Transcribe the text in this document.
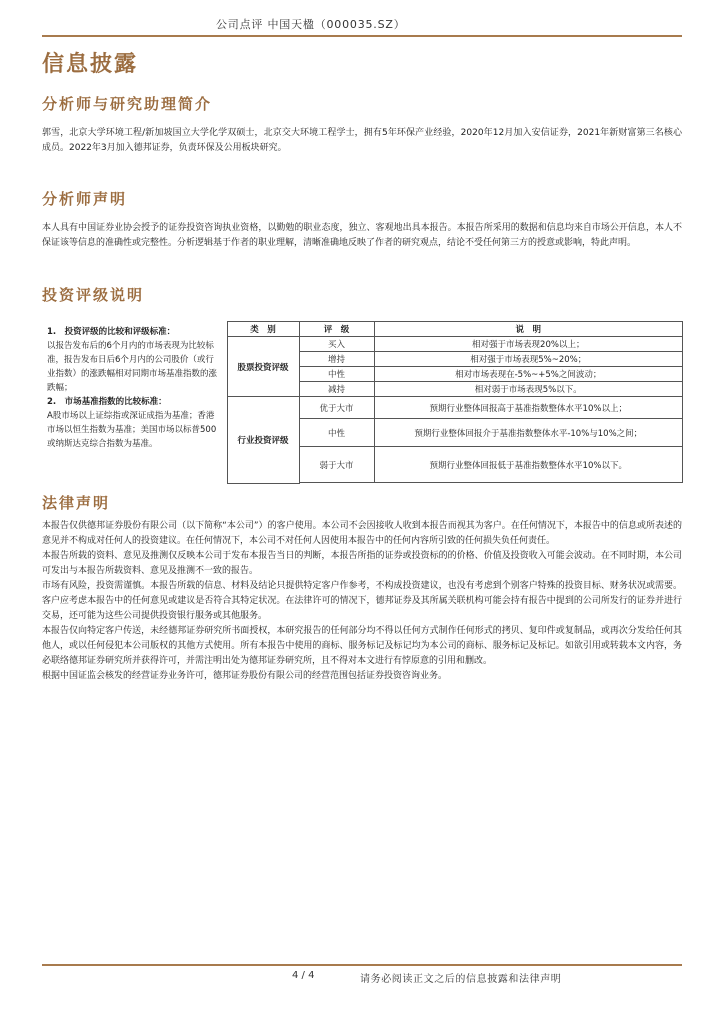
公司点评 中国天楹（000035.SZ）
信息披露
分析师与研究助理简介
郭雪，北京大学环境工程/新加坡国立大学化学双硕士，北京交大环境工程学士，拥有5年环保产业经验，2020年12月加入安信证券，2021年新财富第三名核心成员。2022年3月加入德邦证券，负责环保及公用板块研究。
分析师声明
本人具有中国证券业协会授予的证券投资咨询执业资格，以勤勉的职业态度，独立、客观地出具本报告。本报告所采用的数据和信息均来自市场公开信息，本人不保证该等信息的准确性或完整性。分析逻辑基于作者的职业理解，清晰准确地反映了作者的研究观点，结论不受任何第三方的授意或影响，特此声明。
投资评级说明
1.　投资评级的比较和评级标准：
以报告发布后的6个月内的市场表现为比较标准，报告发布日后6个月内的公司股价（或行业指数）的涨跌幅相对同期市场基准指数的涨跌幅；
2.　市场基准指数的比较标准：
A股市场以上证综指或深证成指为基准；香港市场以恒生指数为基准；美国市场以标普500或纳斯达克综合指数为基准。	类　别	评　级	说　明
	股票投资评级	买入	相对强于市场表现20%以上；
		增持	相对强于市场表现5%~20%；
		中性	相对市场表现在-5%~+5%之间波动；
		减持	相对弱于市场表现5%以下。
	行业投资评级	优于大市	预期行业整体回报高于基准指数整体水平10%以上；
		中性	预期行业整体回报介于基准指数整体水平-10%与10%之间；
		弱于大市	预期行业整体回报低于基准指数整体水平10%以下。

法律声明

本报告仅供德邦证券股份有限公司（以下简称“本公司”）的客户使用。本公司不会因接收人收到本报告而视其为客户。在任何情况下，本报告中的信息或所表述的意见并不构成对任何人的投资建议。在任何情况下，本公司不对任何人因使用本报告中的任何内容所引致的任何损失负任何责任。

本报告所载的资料、意见及推测仅反映本公司于发布本报告当日的判断，本报告所指的证券或投资标的的价格、价值及投资收入可能会波动。在不同时期，本公司可发出与本报告所载资料、意见及推测不一致的报告。

市场有风险，投资需谨慎。本报告所载的信息、材料及结论只提供特定客户作参考，不构成投资建议，也没有考虑到个别客户特殊的投资目标、财务状况或需要。客户应考虑本报告中的任何意见或建议是否符合其特定状况。在法律许可的情况下，德邦证券及其所属关联机构可能会持有报告中提到的公司所发行的证券并进行交易，还可能为这些公司提供投资银行服务或其他服务。

本报告仅向特定客户传送，未经德邦证券研究所书面授权，本研究报告的任何部分均不得以任何方式制作任何形式的拷贝、复印件或复制品，或再次分发给任何其他人，或以任何侵犯本公司版权的其他方式使用。所有本报告中使用的商标、服务标记及标记均为本公司的商标、服务标记及标记。如欲引用或转载本文内容，务必联络德邦证券研究所并获得许可，并需注明出处为德邦证券研究所，且不得对本文进行有悖原意的引用和删改。

根据中国证监会核发的经营证券业务许可，德邦证券股份有限公司的经营范围包括证券投资咨询业务。

4 / 4	请务必阅读正文之后的信息披露和法律声明
